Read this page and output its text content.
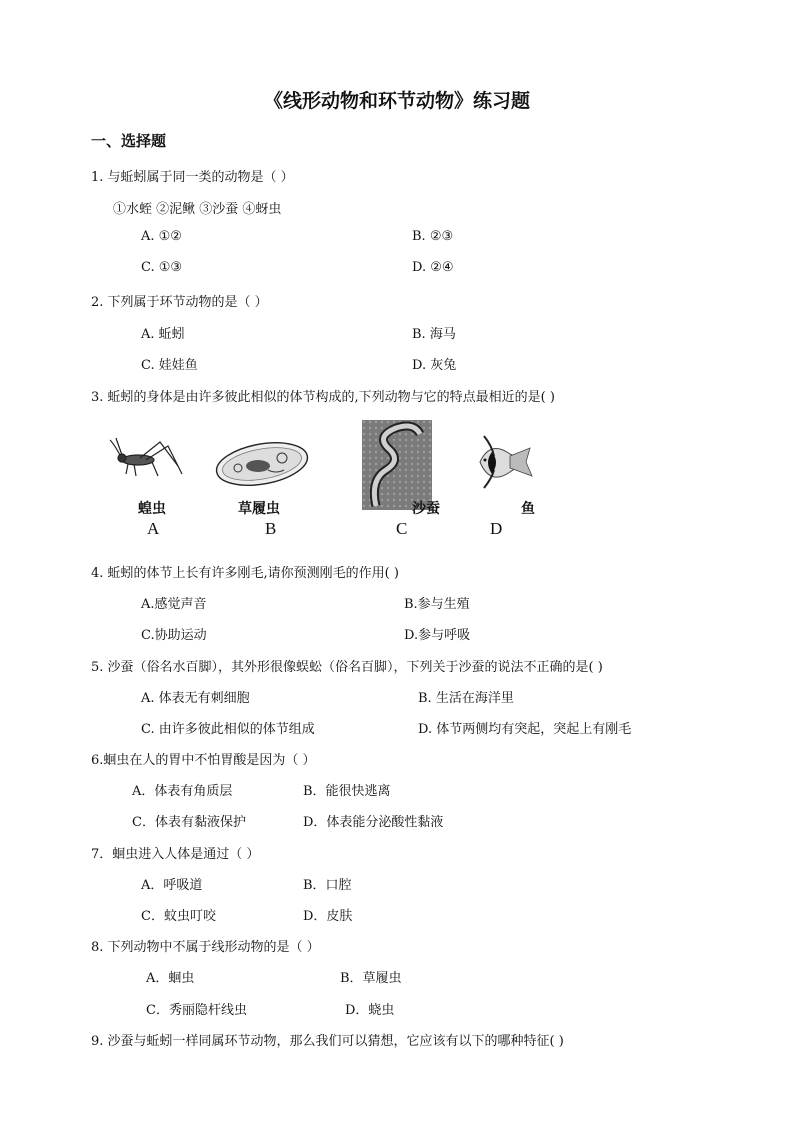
《线形动物和环节动物》练习题
一、选择题
1. 与蚯蚓属于同一类的动物是（ ）
①水蛭 ②泥鳅 ③沙蚕 ④蚜虫
A. ①②	B. ②③
C. ①③	D. ②④
2. 下列属于环节动物的是（ ）
A. 蚯蚓	B. 海马
C. 娃娃鱼	D. 灰兔
3. 蚯蚓的身体是由许多彼此相似的体节构成的,下列动物与它的特点最相近的是( )
蝗虫
A
草履虫
B
沙蚕
C
鱼
D
4. 蚯蚓的体节上长有许多刚毛,请你预测刚毛的作用( )
A.感觉声音	B.参与生殖
C.协助运动	D.参与呼吸
5. 沙蚕（俗名水百脚），其外形很像蜈蚣（俗名百脚），下列关于沙蚕的说法不正确的是( )
A. 体表无有刺细胞	B. 生活在海洋里
C. 由许多彼此相似的体节组成	D. 体节两侧均有突起，突起上有刚毛
6.蛔虫在人的胃中不怕胃酸是因为（ ）
A．体表有角质层	B．能很快逃离
C．体表有黏液保护	D．体表能分泌酸性黏液
7．蛔虫进入人体是通过（ ）
A．呼吸道	B．口腔
C．蚊虫叮咬	D．皮肤
8. 下列动物中不属于线形动物的是（ ）
A．蛔虫	B．草履虫
C．秀丽隐杆线虫	D．蛲虫
9. 沙蚕与蚯蚓一样同属环节动物，那么我们可以猜想，它应该有以下的哪种特征( )
